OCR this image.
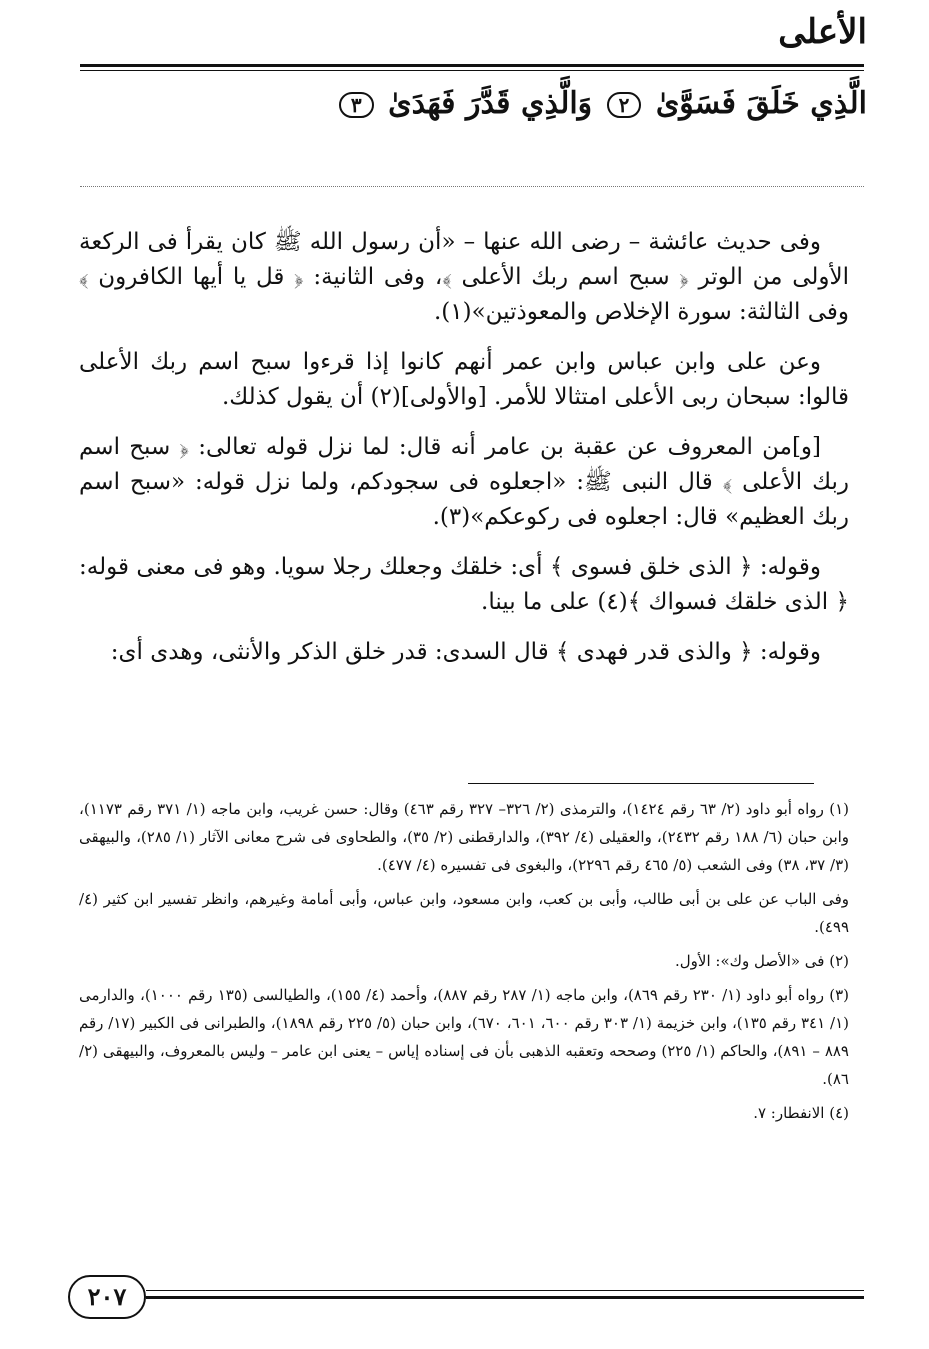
الأعلى
الَّذِي خَلَقَ فَسَوَّىٰ ٢ وَالَّذِي قَدَّرَ فَهَدَىٰ ٣

وفى حديث عائشة – رضى الله عنها – «أن رسول الله ﷺ كان يقرأ فى الركعة الأولى من الوتر ﴿ سبح اسم ربك الأعلى ﴾، وفى الثانية: ﴿ قل يا أيها الكافرون ﴾ وفى الثالثة: سورة الإخلاص والمعوذتين»(١).

وعن على وابن عباس وابن عمر أنهم كانوا إذا قرءوا سبح اسم ربك الأعلى قالوا: سبحان ربى الأعلى امتثالا للأمر. [والأولى](٢) أن يقول كذلك.

[و]من المعروف عن عقبة بن عامر أنه قال: لما نزل قوله تعالى: ﴿ سبح اسم ربك الأعلى ﴾ قال النبى ﷺ: «اجعلوه فى سجودكم، ولما نزل قوله: «سبح اسم ربك العظيم» قال: اجعلوه فى ركوعكم»(٣).

وقوله: ﴿ الذى خلق فسوى ﴾ أى: خلقك وجعلك رجلا سويا. وهو فى معنى قوله: ﴿ الذى خلقك فسواك ﴾(٤) على ما بينا.

وقوله: ﴿ والذى قدر فهدى ﴾ قال السدى: قدر خلق الذكر والأنثى، وهدى أى:

(١) رواه أبو داود (٢/ ٦٣ رقم ١٤٢٤)، والترمذى (٢/ ٣٢٦– ٣٢٧ رقم ٤٦٣) وقال: حسن غريب، وابن ماجه (١/ ٣٧١ رقم ١١٧٣)، وابن حبان (٦/ ١٨٨ رقم ٢٤٣٢)، والعقيلى (٤/ ٣٩٢)، والدارقطنى (٢/ ٣٥)، والطحاوى فى شرح معانى الآثار (١/ ٢٨٥)، والبيهقى (٣/ ٣٧، ٣٨) وفى الشعب (٥/ ٤٦٥ رقم ٢٢٩٦)، والبغوى فى تفسيره (٤/ ٤٧٧).

وفى الباب عن على بن أبى طالب، وأبى بن كعب، وابن مسعود، وابن عباس، وأبى أمامة وغيرهم، وانظر تفسير ابن كثير (٤/ ٤٩٩).

(٢) فى «الأصل وك»: الأول.

(٣) رواه أبو داود (١/ ٢٣٠ رقم ٨٦٩)، وابن ماجه (١/ ٢٨٧ رقم ٨٨٧)، وأحمد (٤/ ١٥٥)، والطيالسى (١٣٥ رقم ١٠٠٠)، والدارمى (١/ ٣٤١ رقم ١٣٥)، وابن خزيمة (١/ ٣٠٣ رقم ٦٠٠، ٦٠١، ٦٧٠)، وابن حبان (٥/ ٢٢٥ رقم ١٨٩٨)، والطبرانى فى الكبير (١٧/ رقم ٨٨٩ – ٨٩١)، والحاكم (١/ ٢٢٥) وصححه وتعقبه الذهبى بأن فى إسناده إياس – يعنى ابن عامر – وليس بالمعروف، والبيهقى (٢/ ٨٦).

(٤) الانفطار: ٧.

٢٠٧
